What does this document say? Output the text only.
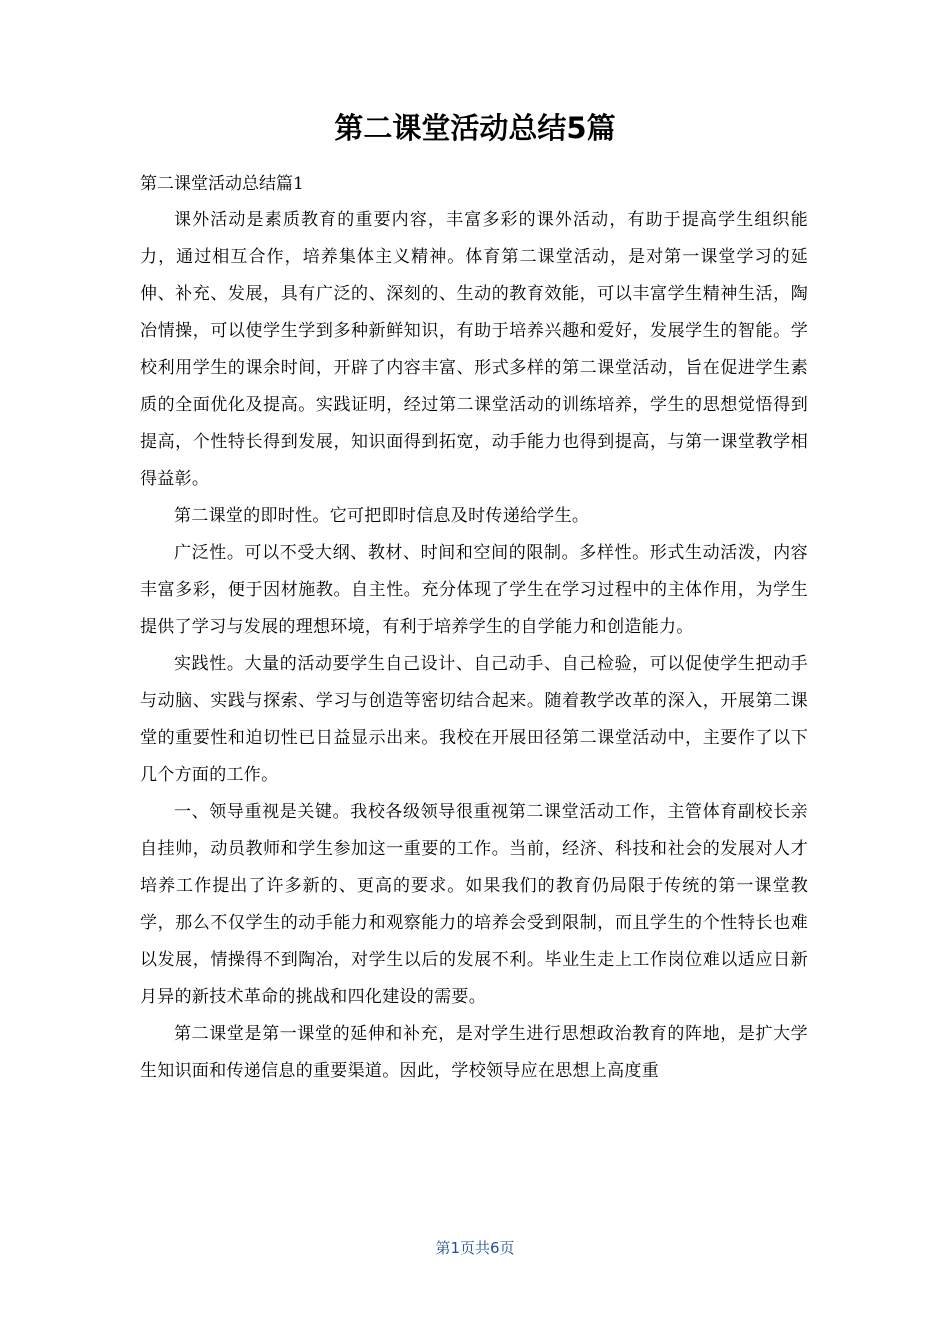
第二课堂活动总结5篇

第二课堂活动总结篇1

课外活动是素质教育的重要内容，丰富多彩的课外活动，有助于提高学生组织能力，通过相互合作，培养集体主义精神。体育第二课堂活动，是对第一课堂学习的延伸、补充、发展，具有广泛的、深刻的、生动的教育效能，可以丰富学生精神生活，陶冶情操，可以使学生学到多种新鲜知识，有助于培养兴趣和爱好，发展学生的智能。学校利用学生的课余时间，开辟了内容丰富、形式多样的第二课堂活动，旨在促进学生素质的全面优化及提高。实践证明，经过第二课堂活动的训练培养，学生的思想觉悟得到提高，个性特长得到发展，知识面得到拓宽，动手能力也得到提高，与第一课堂教学相得益彰。

第二课堂的即时性。它可把即时信息及时传递给学生。

广泛性。可以不受大纲、教材、时间和空间的限制。多样性。形式生动活泼，内容丰富多彩，便于因材施教。自主性。充分体现了学生在学习过程中的主体作用，为学生提供了学习与发展的理想环境，有利于培养学生的自学能力和创造能力。

实践性。大量的活动要学生自己设计、自己动手、自己检验，可以促使学生把动手与动脑、实践与探索、学习与创造等密切结合起来。随着教学改革的深入，开展第二课堂的重要性和迫切性已日益显示出来。我校在开展田径第二课堂活动中，主要作了以下几个方面的工作。

一、领导重视是关键。我校各级领导很重视第二课堂活动工作，主管体育副校长亲自挂帅，动员教师和学生参加这一重要的工作。当前，经济、科技和社会的发展对人才培养工作提出了许多新的、更高的要求。如果我们的教育仍局限于传统的第一课堂教学，那么不仅学生的动手能力和观察能力的培养会受到限制，而且学生的个性特长也难以发展，情操得不到陶冶，对学生以后的发展不利。毕业生走上工作岗位难以适应日新月异的新技术革命的挑战和四化建设的需要。

第二课堂是第一课堂的延伸和补充，是对学生进行思想政治教育的阵地，是扩大学生知识面和传递信息的重要渠道。因此，学校领导应在思想上高度重

第1页共6页
